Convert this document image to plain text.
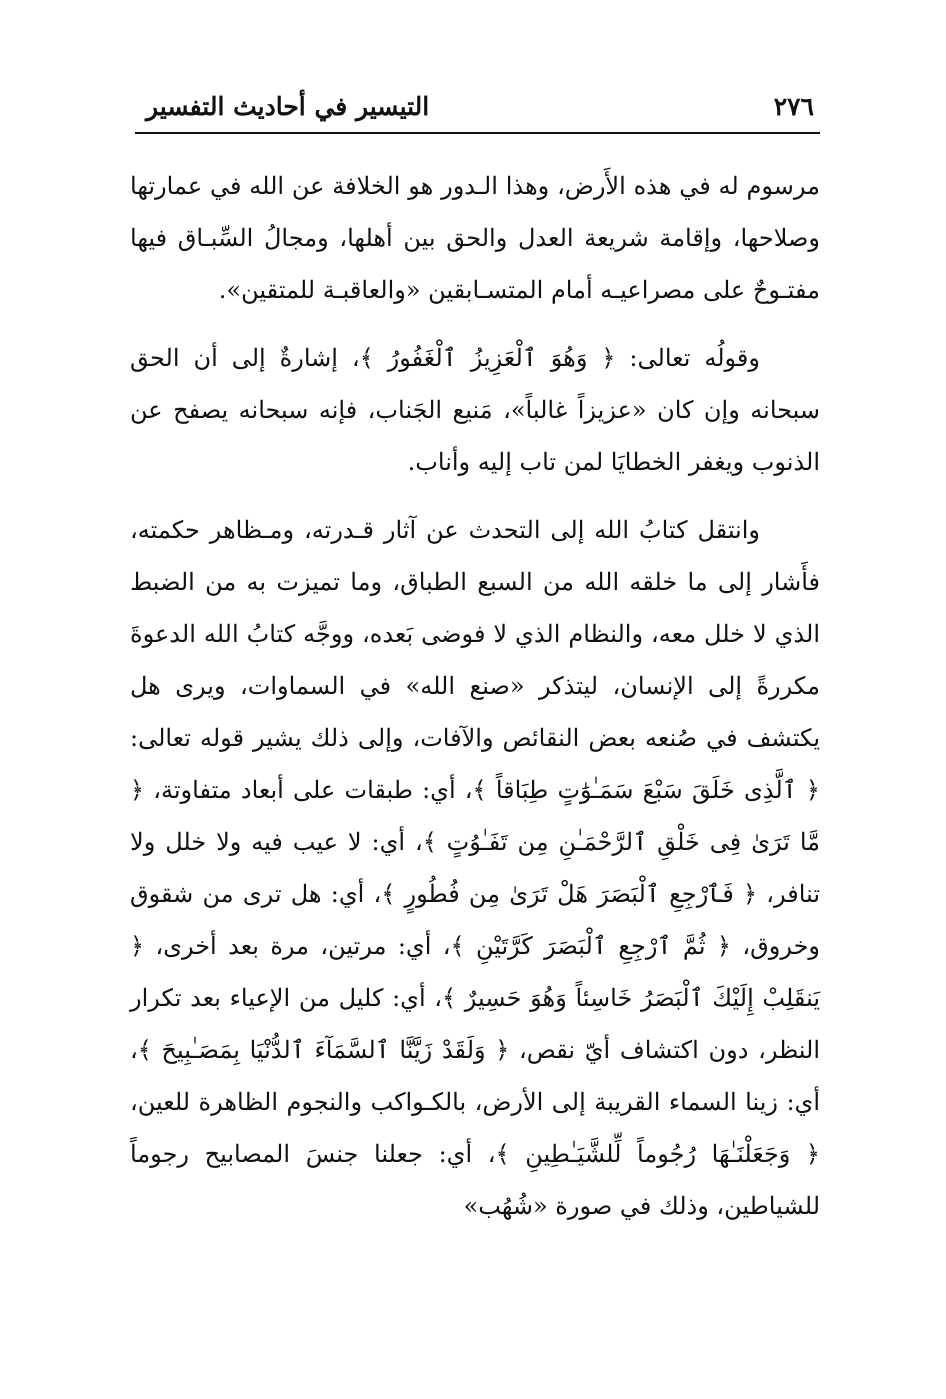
التيسير في أحاديث التفسير	٢٧٦

مرسوم له في هذه الأَرض، وهذا الـدور هو الخلافة عن الله في عمارتها وصلاحها، وإقامة شريعة العدل والحق بين أهلها، ومجالُ السِّبـاق فيها مفتـوحٌ على مصراعيـه أمام المتسـابقين «والعاقبـة للمتقين».

وقولُه تعالى: ﴿ وَهُوَ ٱلْعَزِيزُ ٱلْغَفُورُ ﴾، إشارةٌ إلى أن الحق سبحانه وإن كان «عزيزاً غالباً»، مَنيع الجَناب، فإنه سبحانه يصفح عن الذنوب ويغفر الخطايَا لمن تاب إليه وأناب.

وانتقل كتابُ الله إلى التحدث عن آثار قـدرته، ومـظاهر حكمته، فأَشار إلى ما خلقه الله من السبع الطباق، وما تميزت به من الضبط الذي لا خلل معه، والنظام الذي لا فوضى بَعده، ووجَّه كتابُ الله الدعوةَ مكررةً إلى الإنسان، ليتذكر «صنع الله» في السماوات، ويرى هل يكتشف في صُنعه بعض النقائص والآفات، وإلى ذلك يشير قوله تعالى: ﴿ ٱلَّذِى خَلَقَ سَبْعَ سَمَـٰوَٰتٍ طِبَاقاً ﴾، أي: طبقات على أبعاد متفاوتة، ﴿ مَّا تَرَىٰ فِى خَلْقِ ٱلرَّحْمَـٰنِ مِن تَفَـٰوُتٍ ﴾، أي: لا عيب فيه ولا خلل ولا تنافر، ﴿ فَٱرْجِعِ ٱلْبَصَرَ هَلْ تَرَىٰ مِن فُطُورٍ ﴾، أي: هل ترى من شقوق وخروق، ﴿ ثُمَّ ٱرْجِعِ ٱلْبَصَرَ كَرَّتَيْنِ ﴾، أي: مرتين، مرة بعد أخرى، ﴿ يَنقَلِبْ إِلَيْكَ ٱلْبَصَرُ خَاسِئاً وَهُوَ حَسِيرٌ ﴾، أي: كليل من الإعياء بعد تكرار النظر، دون اكتشاف أيّ نقص، ﴿ وَلَقَدْ زَيَّنَّا ٱلسَّمَآءَ ٱلدُّنْيَا بِمَصَـٰبِيحَ ﴾، أي: زينا السماء القريبة إلى الأرض، بالكـواكب والنجوم الظاهرة للعين، ﴿ وَجَعَلْنَـٰهَا رُجُوماً لِّلشَّيَـٰطِينِ ﴾، أي: جعلنا جنسَ المصابيح رجوماً للشياطين، وذلك في صورة «شُهُب»
